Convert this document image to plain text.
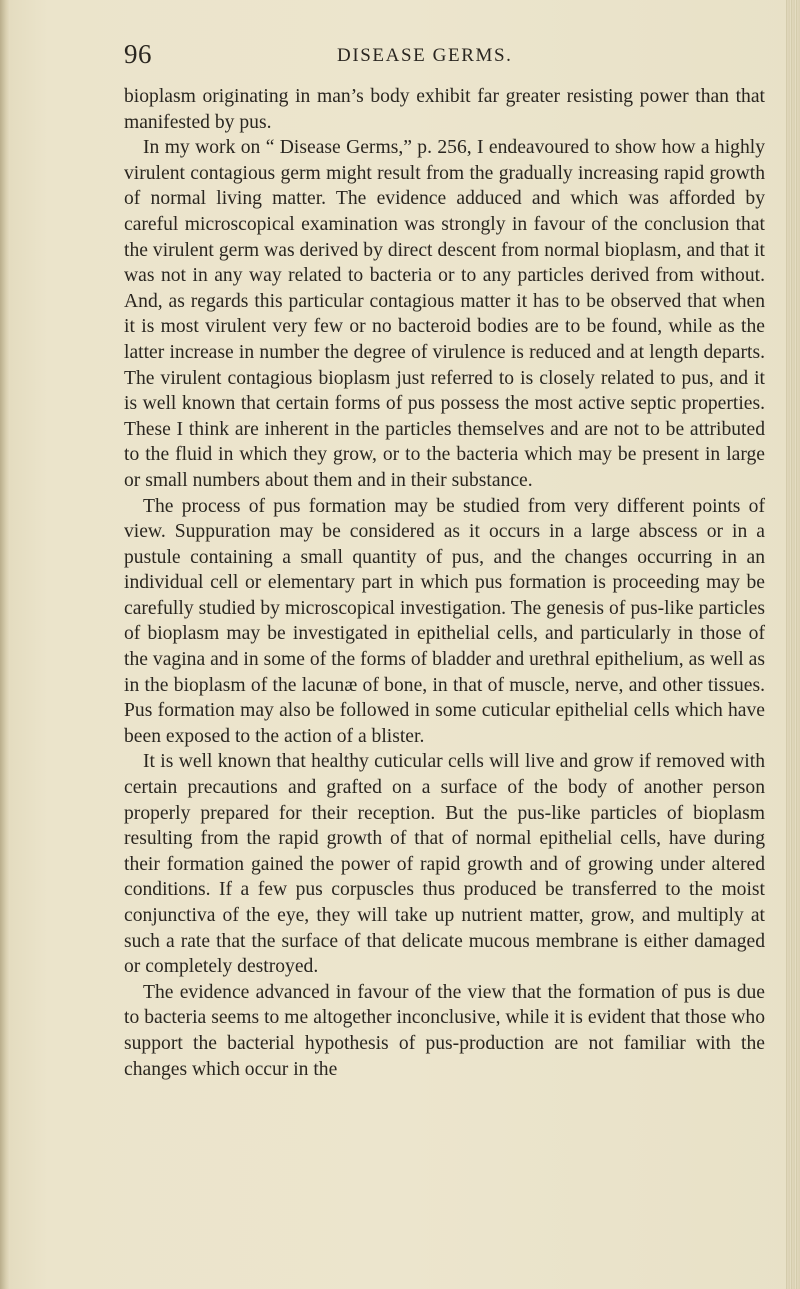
96	DISEASE GERMS.

bioplasm originating in man’s body exhibit far greater resisting power than that manifested by pus.

In my work on “ Disease Germs,” p. 256, I endeavoured to show how a highly virulent contagious germ might result from the gradually increasing rapid growth of normal living matter. The evidence adduced and which was afforded by careful microscopical examination was strongly in favour of the conclusion that the virulent germ was derived by direct descent from normal bioplasm, and that it was not in any way related to bacteria or to any particles derived from without. And, as regards this particular contagious matter it has to be observed that when it is most virulent very few or no bacteroid bodies are to be found, while as the latter increase in number the degree of virulence is reduced and at length departs. The virulent contagious bioplasm just referred to is closely related to pus, and it is well known that certain forms of pus possess the most active septic properties. These I think are inherent in the particles themselves and are not to be attributed to the fluid in which they grow, or to the bacteria which may be present in large or small numbers about them and in their substance.

The process of pus formation may be studied from very different points of view. Suppuration may be considered as it occurs in a large abscess or in a pustule containing a small quantity of pus, and the changes occurring in an individual cell or elementary part in which pus formation is proceeding may be carefully studied by microscopical investigation. The genesis of pus-like particles of bioplasm may be investigated in epithelial cells, and particularly in those of the vagina and in some of the forms of bladder and urethral epithelium, as well as in the bioplasm of the lacunæ of bone, in that of muscle, nerve, and other tissues. Pus formation may also be followed in some cuticular epithelial cells which have been exposed to the action of a blister.

It is well known that healthy cuticular cells will live and grow if removed with certain precautions and grafted on a surface of the body of another person properly prepared for their reception. But the pus-like particles of bioplasm resulting from the rapid growth of that of normal epithelial cells, have during their formation gained the power of rapid growth and of growing under altered conditions. If a few pus corpuscles thus produced be transferred to the moist conjunctiva of the eye, they will take up nutrient matter, grow, and multiply at such a rate that the surface of that delicate mucous membrane is either damaged or completely destroyed.

The evidence advanced in favour of the view that the formation of pus is due to bacteria seems to me altogether inconclusive, while it is evident that those who support the bacterial hypothesis of pus-production are not familiar with the changes which occur in the
